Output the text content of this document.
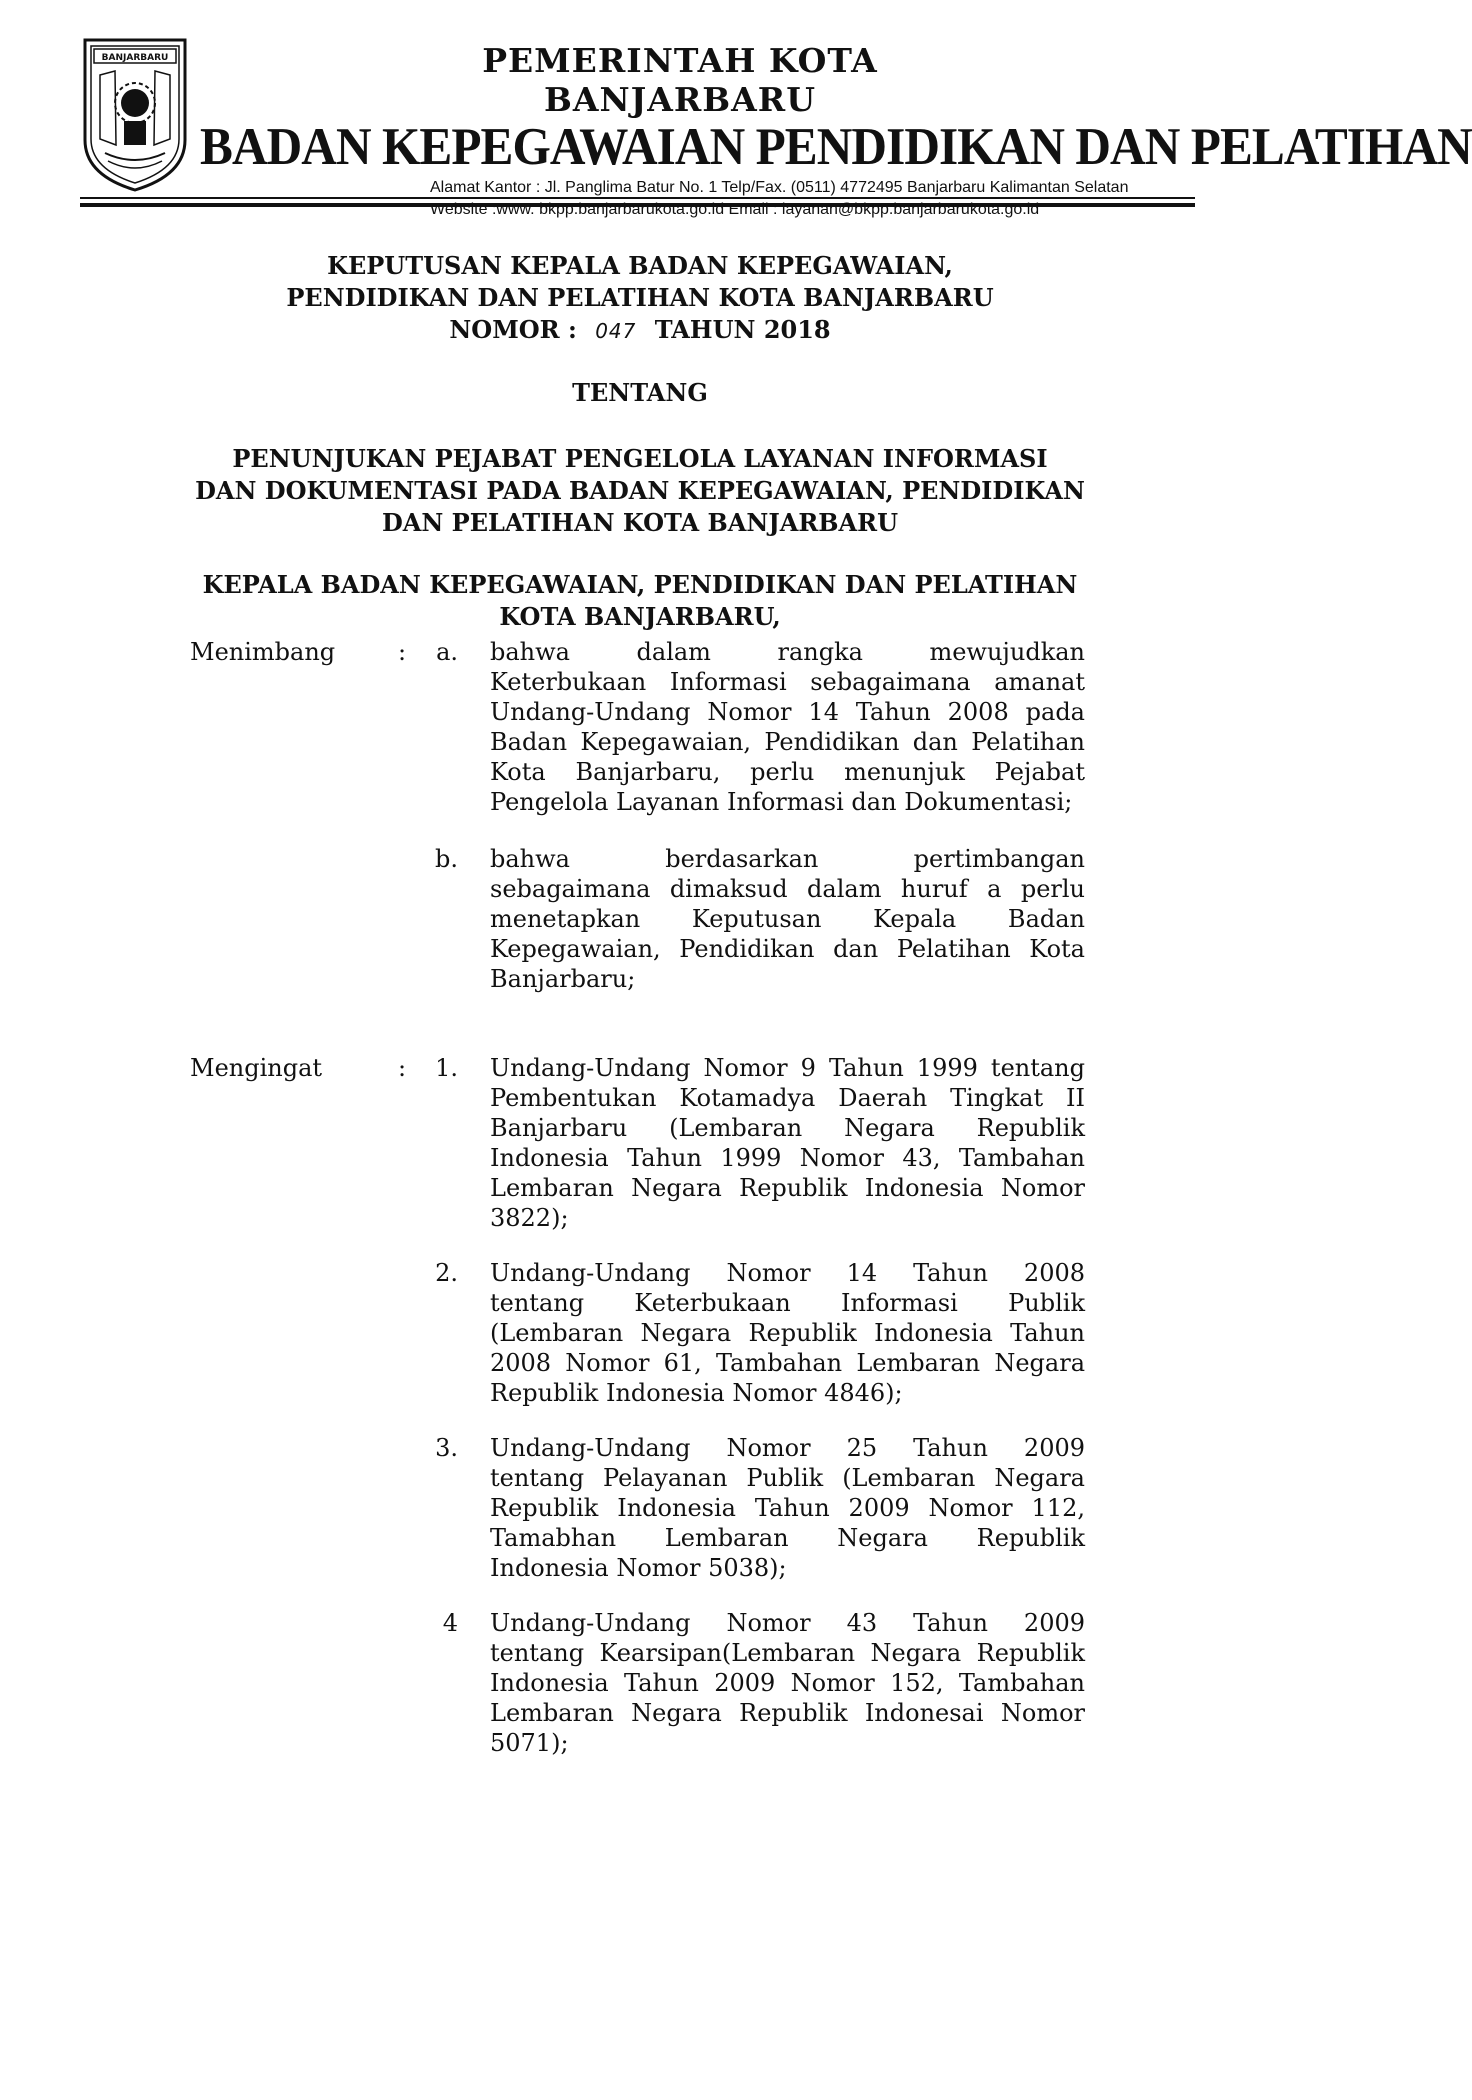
BANJARBARU	PEMERINTAH KOTA BANJARBARU
BADAN KEPEGAWAIAN PENDIDIKAN DAN PELATIHAN
Alamat Kantor : Jl. Panglima Batur No. 1 Telp/Fax. (0511) 4772495 Banjarbaru Kalimantan Selatan
Website :www. bkpp.banjarbarukota.go.id Email : layanan@bkpp.banjarbarukota.go.id

KEPUTUSAN KEPALA BADAN KEPEGAWAIAN,

PENDIDIKAN DAN PELATIHAN KOTA BANJARBARU

NOMOR : 047 TAHUN 2018

TENTANG

PENUNJUKAN PEJABAT PENGELOLA LAYANAN INFORMASI

DAN DOKUMENTASI PADA BADAN KEPEGAWAIAN, PENDIDIKAN

DAN PELATIHAN KOTA BANJARBARU

KEPALA BADAN KEPEGAWAIAN, PENDIDIKAN DAN PELATIHAN

KOTA BANJARBARU,

Menimbang	:	a. bahwa dalam rangka mewujudkan
Keterbukaan Informasi sebagaimana amanat
Undang-Undang Nomor 14 Tahun 2008 pada
Badan Kepegawaian, Pendidikan dan Pelatihan
Kota Banjarbaru, perlu menunjuk Pejabat
Pengelola Layanan Informasi dan Dokumentasi;
b. bahwa berdasarkan pertimbangan
sebagaimana dimaksud dalam huruf a perlu
menetapkan Keputusan Kepala Badan
Kepegawaian, Pendidikan dan Pelatihan Kota
Banjarbaru;
Mengingat	:	1. Undang-Undang Nomor 9 Tahun 1999 tentang
Pembentukan Kotamadya Daerah Tingkat II
Banjarbaru (Lembaran Negara Republik
Indonesia Tahun 1999 Nomor 43, Tambahan
Lembaran Negara Republik Indonesia Nomor
3822);
2. Undang-Undang Nomor 14 Tahun 2008
tentang Keterbukaan Informasi Publik
(Lembaran Negara Republik Indonesia Tahun
2008 Nomor 61, Tambahan Lembaran Negara
Republik Indonesia Nomor 4846);
3. Undang-Undang Nomor 25 Tahun 2009
tentang Pelayanan Publik (Lembaran Negara
Republik Indonesia Tahun 2009 Nomor 112,
Tamabhan Lembaran Negara Republik
Indonesia Nomor 5038);
4 Undang-Undang Nomor 43 Tahun 2009
tentang Kearsipan(Lembaran Negara Republik
Indonesia Tahun 2009 Nomor 152, Tambahan
Lembaran Negara Republik Indonesai Nomor
5071);
